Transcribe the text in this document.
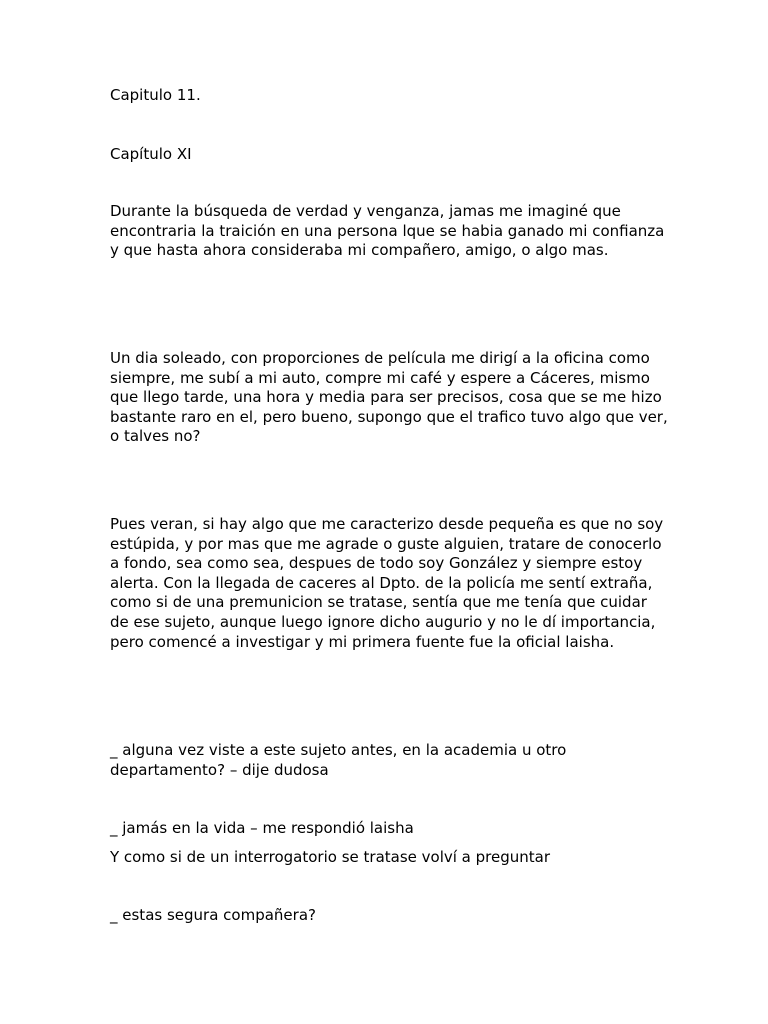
Capitulo 11.
Capítulo XI

Durante la búsqueda de verdad y venganza, jamas me imaginé que encontraria la traición en una persona lque se habia ganado mi confianza y que hasta ahora consideraba mi compañero, amigo, o algo mas.

Un dia soleado, con proporciones de película me dirigí a la oficina como siempre, me subí a mi auto, compre mi café y espere a Cáceres, mismo que llego tarde, una hora y media para ser precisos, cosa que se me hizo bastante raro en el, pero bueno, supongo que el trafico tuvo algo que ver, o talves no?

Pues veran, si hay algo que me caracterizo desde pequeña es que no soy estúpida, y por mas que me agrade o guste alguien, tratare de conocerlo a fondo, sea como sea, despues de todo soy González y siempre estoy alerta. Con la llegada de caceres al Dpto. de la policía me sentí extraña, como si de una premunicion se tratase, sentía que me tenía que cuidar de ese sujeto, aunque luego ignore dicho augurio y no le dí importancia, pero comencé a investigar y mi primera fuente fue la oficial laisha.

_ alguna vez viste a este sujeto antes, en la academia u otro departamento? – dije dudosa

_ jamás en la vida – me respondió laisha

Y como si de un interrogatorio se tratase volví a preguntar

_ estas segura compañera?
